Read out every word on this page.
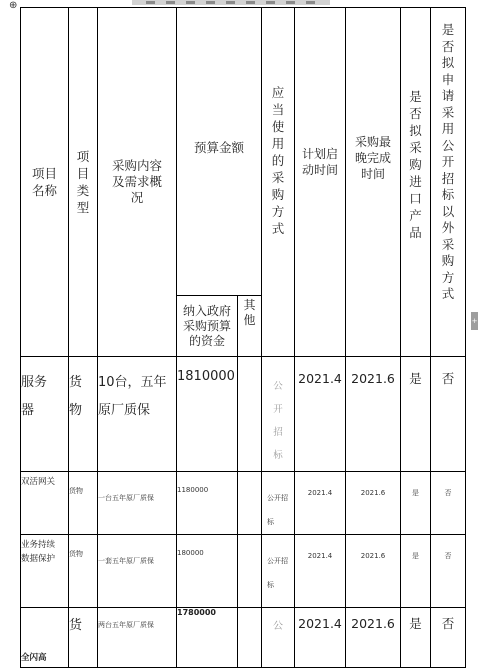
⊕
+
项目名称	项目类型	采购内容及需求概况	预算金额		应当使用的采购方式	计划启动时间	采购最晚完成时间	是否拟采购进口产品	是否拟申请采用公开招标以外采购方式

			纳入政府采购预算的资金	其他					

服务器	货物	10台，五年原厂质保	1810000		公开招标	2021.4	2021.6	是	否

双活网关	货物	一台五年原厂质保	1180000		公开招标	2021.4	2021.6	是	否

业务持续数据保护	货物	一套五年原厂质保	180000		公开招标	2021.4	2021.6	是	否

全闪高	货	两台五年原厂质保	1780000		公	2021.4	2021.6	是	否
